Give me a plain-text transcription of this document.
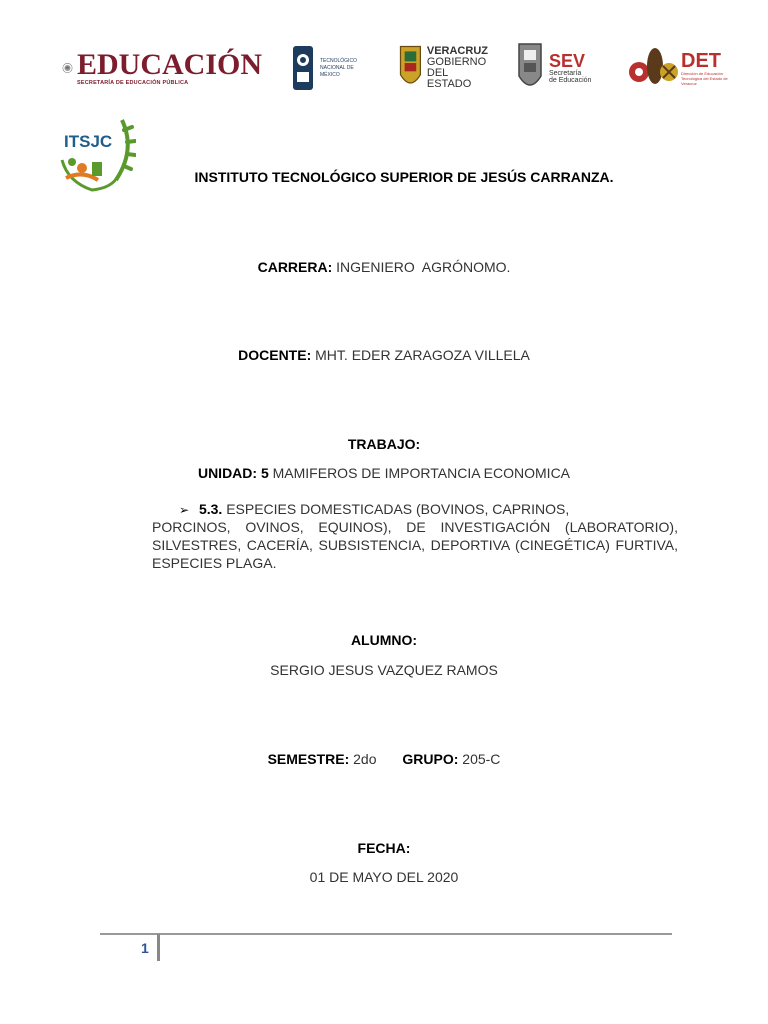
EDUCACIÓN
SECRETARÍA DE EDUCACIÓN PÚBLICA
TECNOLÓGICO NACIONAL DE MÉXICO
VERACRUZ
GOBIERNO
DEL ESTADO
SEV
Secretaría
de Educación
DET
Dirección de Educación Tecnológica del Estado de Veracruz
ITSJC
INSTITUTO TECNOLÓGICO SUPERIOR DE JESÚS CARRANZA.
CARRERA: INGENIERO  AGRÓNOMO.
DOCENTE: MHT. EDER ZARAGOZA VILLELA
TRABAJO:
UNIDAD: 5 MAMIFEROS DE IMPORTANCIA ECONOMICA
➢ 5.3. ESPECIES DOMESTICADAS (BOVINOS, CAPRINOS,
PORCINOS, OVINOS, EQUINOS), DE INVESTIGACIÓN (LABORATORIO), SILVESTRES, CACERÍA, SUBSISTENCIA, DEPORTIVA (CINEGÉTICA) FURTIVA, ESPECIES PLAGA.
ALUMNO:
SERGIO JESUS VAZQUEZ RAMOS
SEMESTRE: 2do GRUPO: 205-C
FECHA:
01 DE MAYO DEL 2020
1
